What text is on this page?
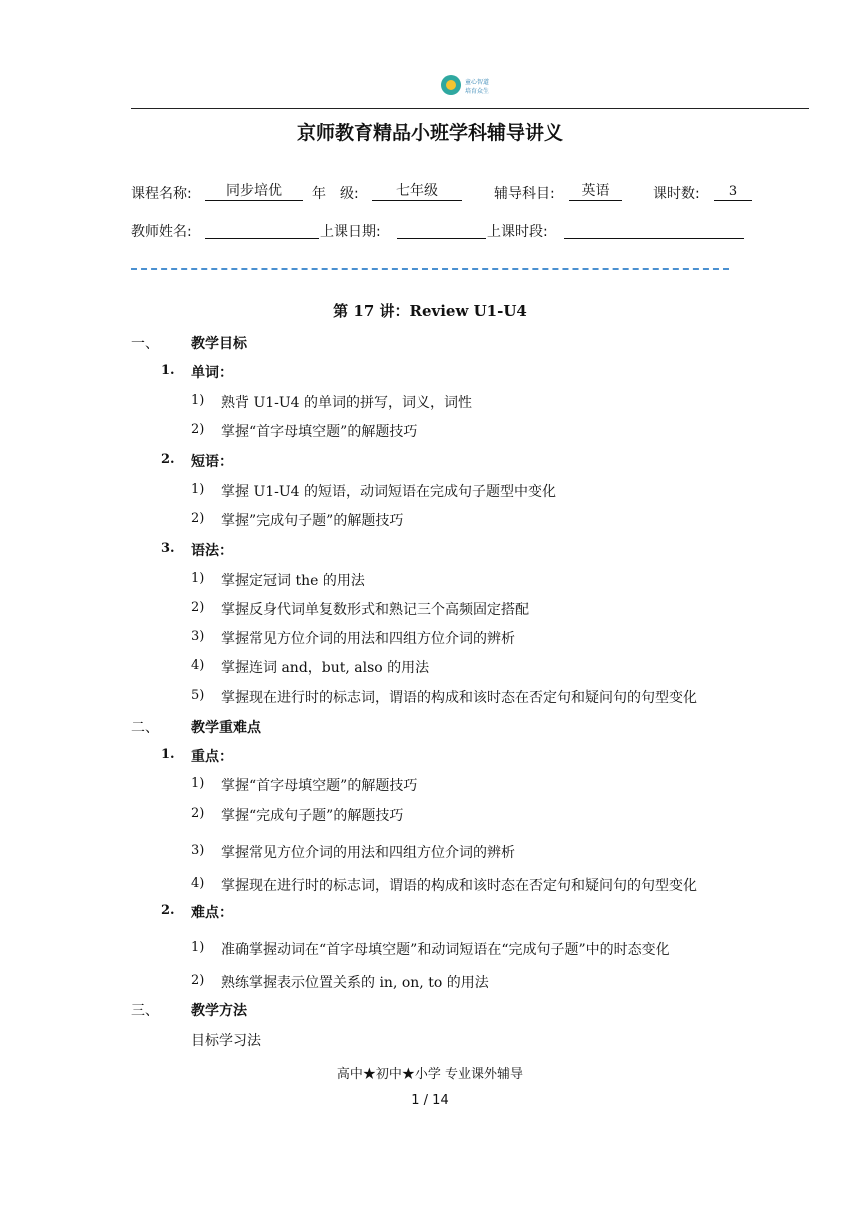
童心智道
培育众生
京师教育精品小班学科辅导讲义
课程名称:	同步培优	年　级:	七年级	辅导科目:	英语	课时数:	3
教师姓名:	上课日期:	上课时段:
第 17 讲：Review U1-U4
一、 教学目标
1. 单词：
1) 熟背 U1-U4 的单词的拼写，词义，词性
2) 掌握“首字母填空题”的解题技巧
2. 短语：
1) 掌握 U1-U4 的短语，动词短语在完成句子题型中变化
2) 掌握”完成句子题”的解题技巧
3. 语法：
1) 掌握定冠词 the 的用法
2) 掌握反身代词单复数形式和熟记三个高频固定搭配
3) 掌握常见方位介词的用法和四组方位介词的辨析
4) 掌握连词 and，but, also 的用法
5) 掌握现在进行时的标志词，谓语的构成和该时态在否定句和疑问句的句型变化
二、 教学重难点
1. 重点：
1) 掌握“首字母填空题”的解题技巧
2) 掌握“完成句子题”的解题技巧
3) 掌握常见方位介词的用法和四组方位介词的辨析
4) 掌握现在进行时的标志词，谓语的构成和该时态在否定句和疑问句的句型变化
2. 难点：
1) 准确掌握动词在“首字母填空题”和动词短语在“完成句子题”中的时态变化
2) 熟练掌握表示位置关系的 in, on, to 的用法
三、 教学方法
目标学习法
高中★初中★小学 专业课外辅导
1 / 14
